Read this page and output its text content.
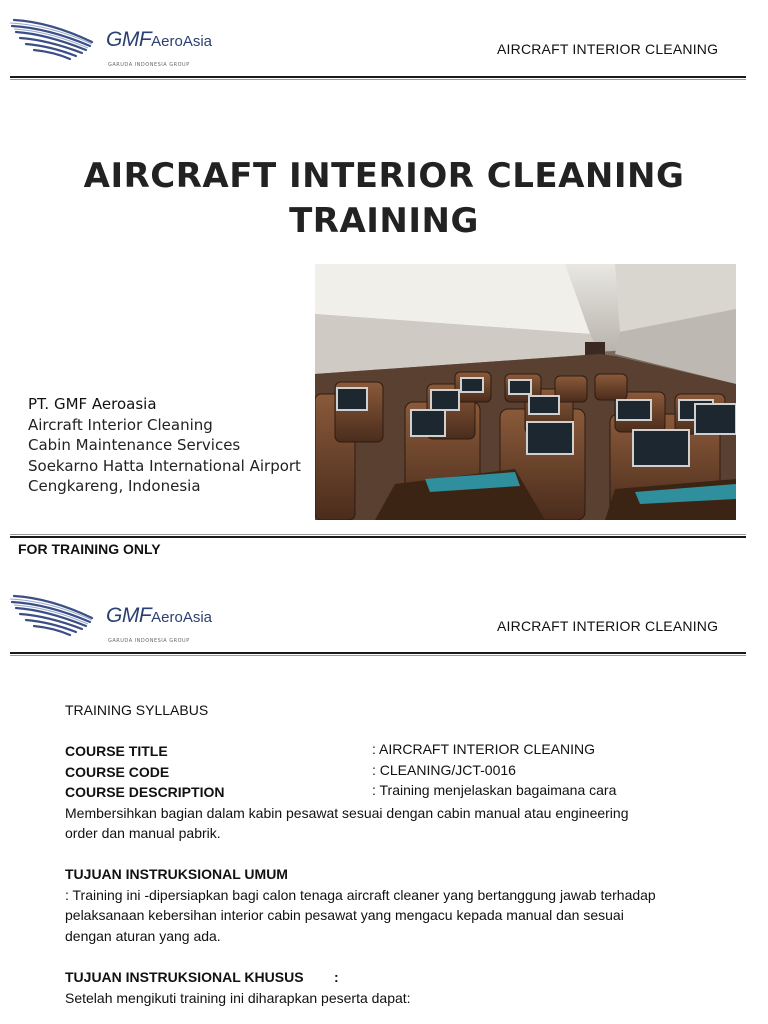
GMFAeroAsia
GARUDA INDONESIA GROUP
AIRCRAFT INTERIOR CLEANING
AIRCRAFT INTERIOR CLEANING
TRAINING
PT. GMF Aeroasia
Aircraft Interior Cleaning
Cabin Maintenance Services
Soekarno Hatta International Airport
Cengkareng, Indonesia
FOR TRAINING ONLY
GMFAeroAsia
GARUDA INDONESIA GROUP
AIRCRAFT INTERIOR CLEANING
TRAINING SYLLABUS
COURSE TITLE	: AIRCRAFT INTERIOR CLEANING
COURSE CODE	: CLEANING/JCT-0016
COURSE DESCRIPTION	: Training menjelaskan bagaimana cara
Membersihkan bagian dalam kabin pesawat sesuai dengan cabin manual atau engineering
order dan manual pabrik.
TUJUAN INSTRUKSIONAL UMUM
: Training ini -dipersiapkan bagi calon tenaga aircraft cleaner yang bertanggung jawab terhadap
pelaksanaan kebersihan interior cabin pesawat yang mengacu kepada manual dan sesuai
dengan aturan yang ada.
TUJUAN INSTRUKSIONAL KHUSUS :
Setelah mengikuti training ini diharapkan peserta dapat:
